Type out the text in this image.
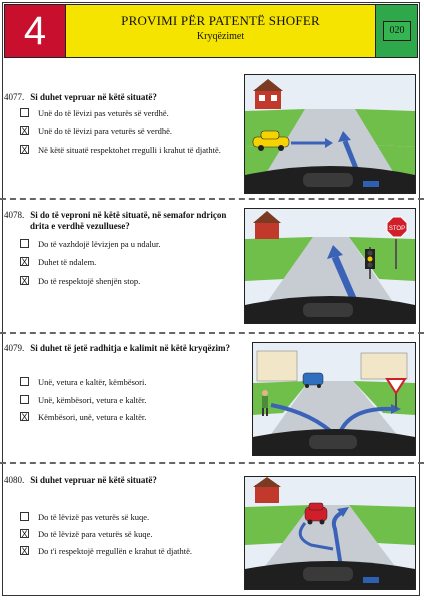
4	PROVIMI PËR PATENTË SHOFER
Kryqëzimet
020
4077. Si duhet vepruar në këtë situatë?
Unë do të lëvizi pas veturës së verdhë.
X Unë do të lëvizi para veturës së verdhë.
X Në këtë situatë respektohet rregulli i krahut të djathtë.
4078. Si do të veproni në këtë situatë, në semafor ndriçon
drita e verdhë vezulluese?
Do të vazhdojë lëvizjen pa u ndalur.
X Duhet të ndalem.
X Do të respektojë shenjën stop.
STOP
4079. Si duhet të jetë radhitja e kalimit në këtë kryqëzim?
Unë, vetura e kaltër, këmbësori.
Unë, këmbësori, vetura e kaltër.
X Këmbësori, unë, vetura e kaltër.
4080. Si duhet vepruar në këtë situatë?
Do të lëvizë pas veturës së kuqe.
X Do të lëvizë para veturës së kuqe.
X Do t'i respektojë rregullën e krahut të djathtë.
